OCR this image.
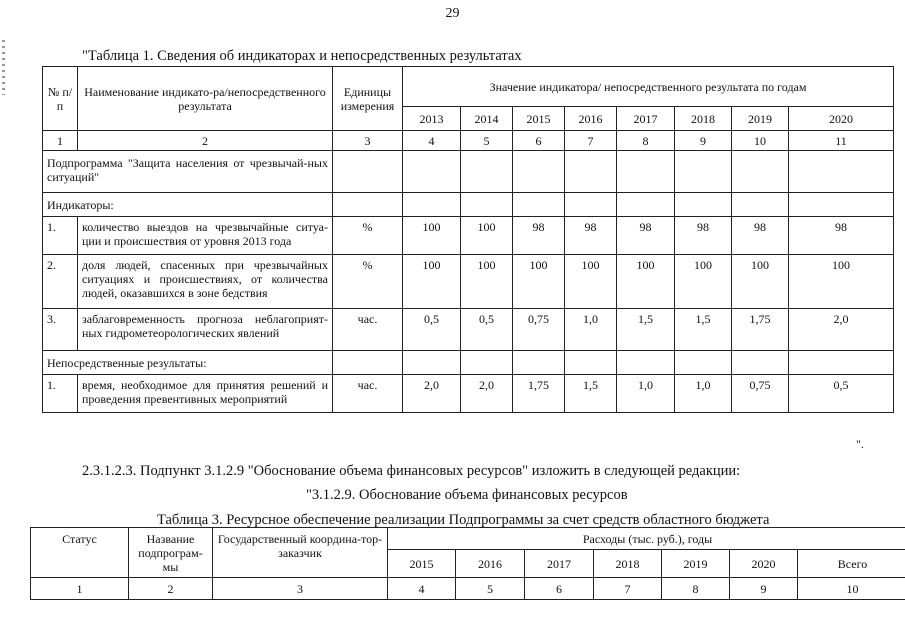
29
"Таблица 1. Сведения об индикаторах и непосредственных результатах
№ п/п	Наименование индикато-ра/непосредственного результата	Единицы измерения	Значение индикатора/ непосредственного результата по годам							
			2013	2014	2015	2016	2017	2018	2019	2020
1	2	3	4	5	6	7	8	9	10	11
Подпрограмма "Защита населения от чрезвычай-ных ситуаций"										
Индикаторы:										
1.	количество выездов на чрезвычайные ситуа-ции и происшествия от уровня 2013 года	%	100	100	98	98	98	98	98	98
2.	доля людей, спасенных при чрезвычайных ситуациях и происшествиях, от количества людей, оказавшихся в зоне бедствия	%	100	100	100	100	100	100	100	100
3.	заблаговременность прогноза неблагоприят-ных гидрометеорологических явлений	час.	0,5	0,5	0,75	1,0	1,5	1,5	1,75	2,0
Непосредственные результаты:										
1.	время, необходимое для принятия решений и проведения превентивных мероприятий	час.	2,0	2,0	1,75	1,5	1,0	1,0	0,75	0,5
".
2.3.1.2.3. Подпункт 3.1.2.9 "Обоснование объема финансовых ресурсов" изложить в следующей редакции:
"3.1.2.9. Обоснование объема финансовых ресурсов
Таблица 3. Ресурсное обеспечение реализации Подпрограммы за счет средств областного бюджета
Статус	Название подпрограм-мы	Государственный координа-тор-заказчик	Расходы (тыс. руб.), годы						
			2015	2016	2017	2018	2019	2020	Всего
1	2	3	4	5	6	7	8	9	10
